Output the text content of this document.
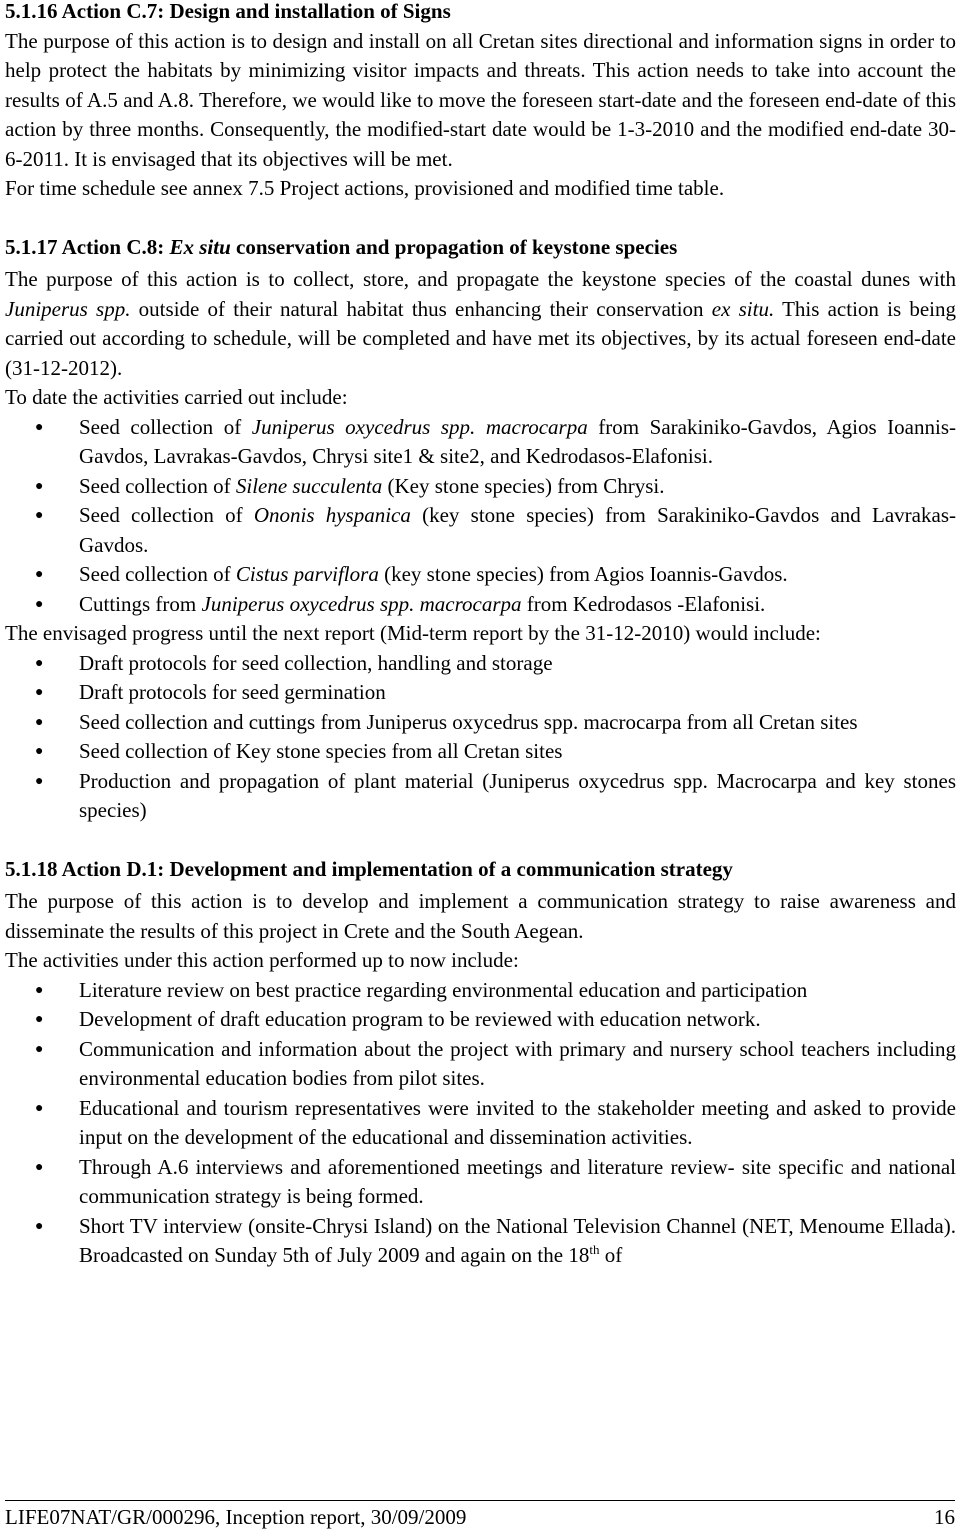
5.1.16 Action C.7: Design and installation of Signs

The purpose of this action is to design and install on all Cretan sites directional and information signs in order to help protect the habitats by minimizing visitor impacts and threats. This action needs to take into account the results of A.5 and A.8. Therefore, we would like to move the foreseen start-date and the foreseen end-date of this action by three months. Consequently, the modified-start date would be 1-3-2010 and the modified end-date 30-6-2011. It is envisaged that its objectives will be met.

For time schedule see annex 7.5 Project actions, provisioned and modified time table.

5.1.17 Action C.8: Ex situ conservation and propagation of keystone species

The purpose of this action is to collect, store, and propagate the keystone species of the coastal dunes with Juniperus spp. outside of their natural habitat thus enhancing their conservation ex situ. This action is being carried out according to schedule, will be completed and have met its objectives, by its actual foreseen end-date (31-12-2012).

To date the activities carried out include:

● Seed collection of Juniperus oxycedrus spp. macrocarpa from Sarakiniko-Gavdos, Agios Ioannis-Gavdos, Lavrakas-Gavdos, Chrysi site1 & site2, and Kedrodasos-Elafonisi.
● Seed collection of Silene succulenta (Key stone species) from Chrysi.
● Seed collection of Ononis hyspanica (key stone species) from Sarakiniko-Gavdos and Lavrakas-Gavdos.
● Seed collection of Cistus parviflora (key stone species) from Agios Ioannis-Gavdos.
● Cuttings from Juniperus oxycedrus spp. macrocarpa from Kedrodasos -Elafonisi.

The envisaged progress until the next report (Mid-term report by the 31-12-2010) would include:

● Draft protocols for seed collection, handling and storage
● Draft protocols for seed germination
● Seed collection and cuttings from Juniperus oxycedrus spp. macrocarpa from all Cretan sites
● Seed collection of Key stone species from all Cretan sites
● Production and propagation of plant material (Juniperus oxycedrus spp. Macrocarpa and key stones species)
5.1.18 Action D.1: Development and implementation of a communication strategy

The purpose of this action is to develop and implement a communication strategy to raise awareness and disseminate the results of this project in Crete and the South Aegean.

The activities under this action performed up to now include:

● Literature review on best practice regarding environmental education and participation
● Development of draft education program to be reviewed with education network.
● Communication and information about the project with primary and nursery school teachers including environmental education bodies from pilot sites.
● Educational and tourism representatives were invited to the stakeholder meeting and asked to provide input on the development of the educational and dissemination activities.
● Through A.6 interviews and aforementioned meetings and literature review- site specific and national communication strategy is being formed.
● Short TV interview (onsite-Chrysi Island) on the National Television Channel (NET, Menoume Ellada). Broadcasted on Sunday 5th of July 2009 and again on the 18th of
LIFE07NAT/GR/000296, Inception report, 30/09/2009	16
